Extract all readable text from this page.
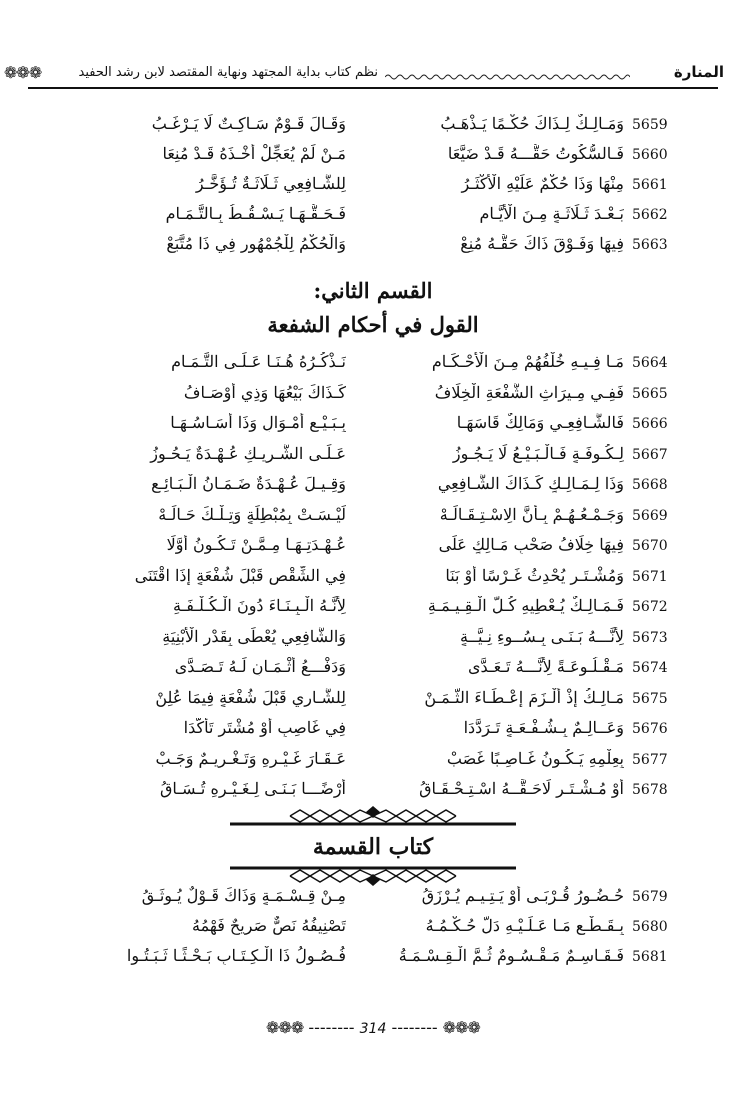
المنارة
نظم كتاب بداية المجتهد ونهاية المقتصد لابن رشد الحفيد
❁❁❁
5659
وَمَـالِـكٌ لِـذَاكَ حُكْـمًا يَـذْهَـبُ
وَقَـالَ قَـوْمٌ سَـاكِـتٌ لَا يَـرْغَـبُ
5660
فَـالسُّكُوتُ حَقُّـــهُ قَـدْ ضَيَّعَا
مَـنْ لَمْ يُعَجِّلْ أَخْـذَهُ قَـدْ مُنِعَا
5661
مِنْهَا وَذَا حُكْمٌ عَلَيْهِ الْأَكْثَـرُ
لِلشَّـافِعِي ثَـلَاثَـةٌ تُـؤَخَّـرُ
5662
بَـعْـدَ ثَـلَاثَـةٍ مِـنَ الْأَيَّـامِ
فَـحَـقُّـهَـا يَـسْـقُـطُ بِـالتَّـمَـامِ
5663
فِيهَا وَفَـوْقَ ذَاكَ حَقُّـهُ مُنِعْ
وَالْحُكْمُ لِلْجُمْهُورِ فِي ذَا مُتَّبَعْ
القسم الثاني:
القول في أحكام الشفعة
5664
مَـا فِـيـهِ خُلْفُهُمْ مِـنَ الْأَحْـكَـامِ
نَـذْكُـرُهُ هُـنَـا عَـلَـى التَّـمَـامِ
5665
فَفِـي مِـيرَاثِ الشُّفْعَةِ الْخِلَافُ
كَـذَاكَ بَيْعُهَا وَذِي أَوْصَـافُ
5666
فَالشَّـافِعِـي وَمَالِكٌ قَاسَهَـا
بِـبَـيْـعِ أَمْـوَالٍ وَذَا أَسَـاسُـهَـا
5667
لِـكُـوفَـةٍ فَـالْـبَـيْـعُ لَا يَـجُـوزُ
عَـلَـى الشَّـرِيـكِ عُـهْـدَةٌ يَـحُـوزُ
5668
وَذَا لِـمَـالِـكٍ كَـذَاكَ الشَّـافِعِي
وَقِـيـلَ عُـهْـدَةٌ ضَـمَـانُ الْـبَـائِـعِ
5669
وَجَـمْـعُـهُـمْ بِـأَنَّ الِاسْـتِـقَـالَـهْ
لَيْـسَـتْ بِمُبْطِلَةٍ وَتِـلْـكَ حَـالَـهْ
5670
فِيهَا خِلَافُ صَحْبِ مَـالِكٍ عَلَى
عُـهْـدَتِـهَـا مِـمَّـنْ تَـكُـونُ أَوَّلَا
5671
وَمُشْـتَـرٍ يُحْدِثُ غَـرْسًا أَوْ بَنَا
فِي الشِّقْصِ قَبْلَ شُفْعَةٍ إِذَا اقْتَنَى
5672
فَـمَـالِـكٌ يُـعْطِيهِ كُـلَّ الْـقِـيـمَـةِ
لِأَنَّـهُ الْـبِـنَـاءَ دُونَ الْـكُـلْـفَـةِ
5673
لِأَنَّـــهُ بَـنَـى بِـسُــوءِ نِـيَّــةٍ
وَالشَّافِعِي يُعْطَى بِقَدْرِ الْأَبْنِيَةِ
5674
مَـقْـلُـوعَـةً لِأَنَّـــهُ تَـعَـدَّى
وَدَفْـــعُ أَثْـمَـانٍ لَـهُ تَـصَـدَّى
5675
مَـالِـكُ إِذْ أَلْـزَمَ إِعْـطَـاءَ الثَّـمَـنْ
لِلشَّـارِي قَبْلَ شُفْعَةٍ فِيمَا عُلِنْ
5676
وَعَــالِـمٌ بِـشُـفْـعَـةٍ تَـرَدَّدَا
فِي غَاصِبٍ أَوْ مُشْتَرٍ تَأَكَّدَا
5677
بِعِلْمِهِ يَـكُـونُ غَـاصِـبًا غَصَبْ
عَـقَـارَ غَـيْـرِهِ وَتَـغْـرِيـمٌ وَجَـبْ
5678
أَوْ مُـشْـتَـرٍ لَاحَـقَّــهُ اسْـتِـحْـقَـاقُ
أَرْضًـــا بَـنَـى لِـغَـيْـرِهِ تُـسَـاقُ
كتاب القسمة
5679
حُـضُـورُ قُـرْبَـى أَوْ يَـتِـيـمٍ يُـرْزَقُ
مِـنْ قِـسْـمَـةٍ وَذَاكَ قَـوْلٌ يُـوثَـقُ
5680
بِـقَـطْـعِ مَـا عَـلَـيْـهِ دَلَّ حُـكْـمُـهُ
تَصْنِيفُهُ نَصٌّ صَرِيحٌ فَهْمُهُ
5681
فَـقَـاسِـمٌ مَـقْـسُـومٌ ثُـمَّ الْـقِـسْـمَـةُ
فُـصُـولُ ذَا الْـكِـتَـابِ بَـحْـثًـا ثَـبَـتُـوا
❁❁❁ -------- 314 -------- ❁❁❁
